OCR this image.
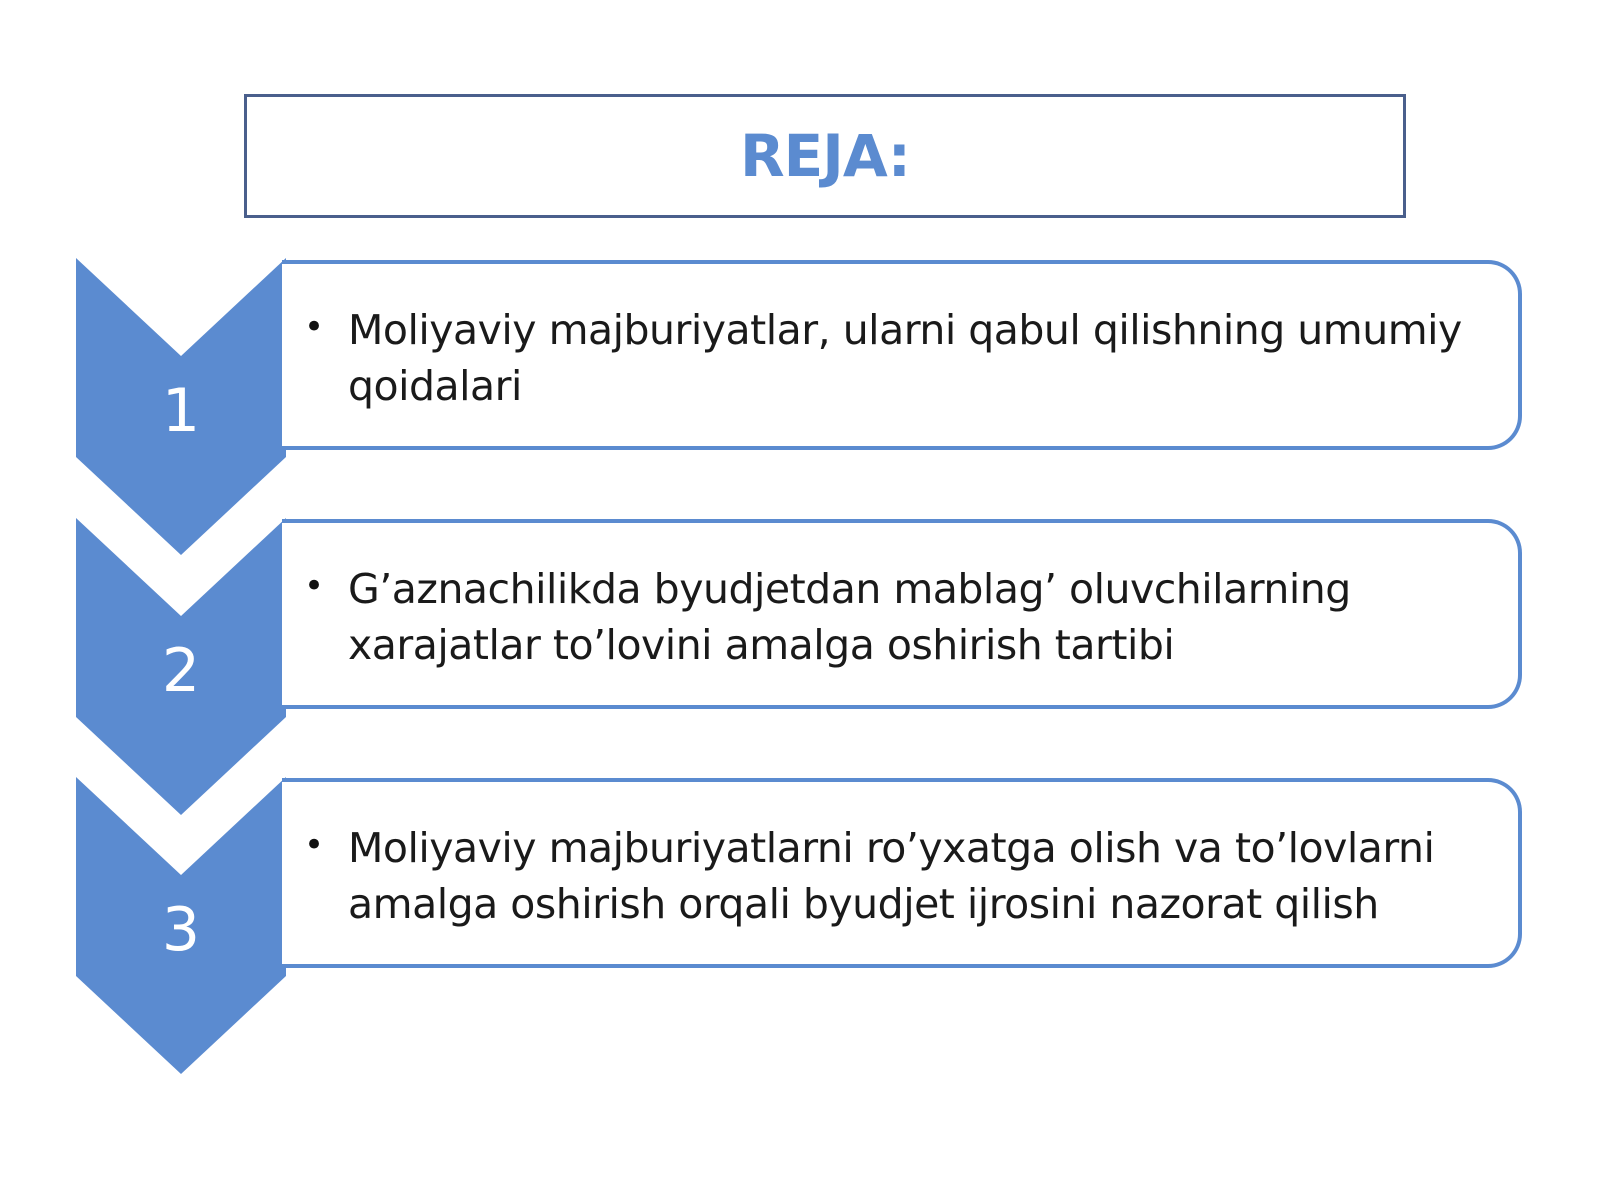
REJA:
1
• Moliyaviy majburiyatlar, ularni qabul qilishning umumiy qoidalari
2
• G’aznachilikda byudjetdan mablag’ oluvchilarning xarajatlar to’lovini amalga oshirish tartibi
3
• Moliyaviy majburiyatlarni ro’yxatga olish va to’lovlarni amalga oshirish orqali byudjet ijrosini nazorat qilish
